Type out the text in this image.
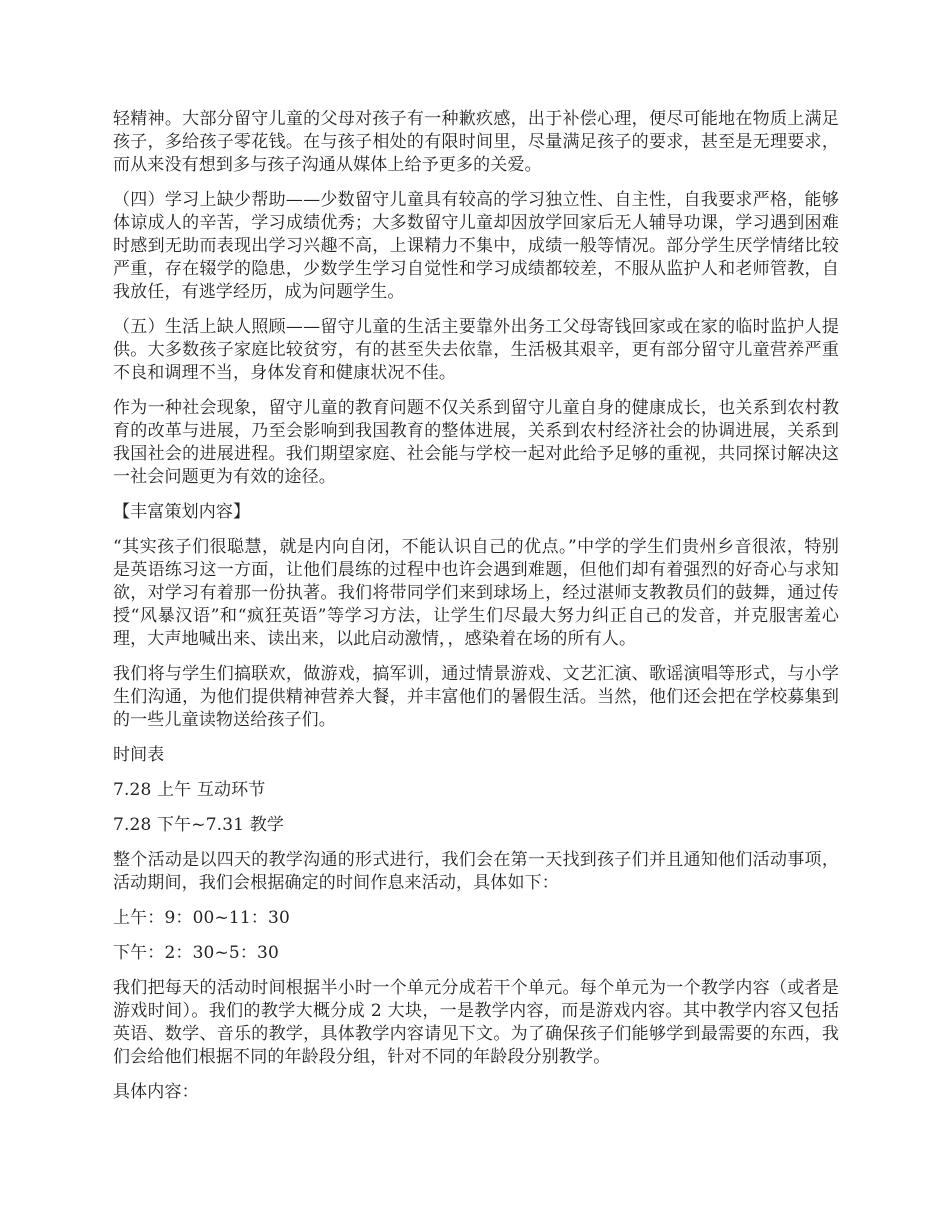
轻精神。大部分留守儿童的父母对孩子有一种歉疚感，出于补偿心理，便尽可能地在物质上满足孩子，多给孩子零花钱。在与孩子相处的有限时间里，尽量满足孩子的要求，甚至是无理要求，而从来没有想到多与孩子沟通从媒体上给予更多的关爱。

（四）学习上缺少帮助——少数留守儿童具有较高的学习独立性、自主性，自我要求严格，能够体谅成人的辛苦，学习成绩优秀；大多数留守儿童却因放学回家后无人辅导功课，学习遇到困难时感到无助而表现出学习兴趣不高，上课精力不集中，成绩一般等情况。部分学生厌学情绪比较严重，存在辍学的隐患，少数学生学习自觉性和学习成绩都较差，不服从监护人和老师管教，自我放任，有逃学经历，成为问题学生。

（五）生活上缺人照顾——留守儿童的生活主要靠外出务工父母寄钱回家或在家的临时监护人提供。大多数孩子家庭比较贫穷，有的甚至失去依靠，生活极其艰辛，更有部分留守儿童营养严重不良和调理不当，身体发育和健康状况不佳。

作为一种社会现象，留守儿童的教育问题不仅关系到留守儿童自身的健康成长，也关系到农村教育的改革与进展，乃至会影响到我国教育的整体进展，关系到农村经济社会的协调进展，关系到我国社会的进展进程。我们期望家庭、社会能与学校一起对此给予足够的重视，共同探讨解决这一社会问题更为有效的途径。

【丰富策划内容】

“其实孩子们很聪慧，就是内向自闭，不能认识自己的优点。”中学的学生们贵州乡音很浓，特别是英语练习这一方面，让他们晨练的过程中也许会遇到难题，但他们却有着强烈的好奇心与求知欲，对学习有着那一份执著。我们将带同学们来到球场上，经过湛师支教教员们的鼓舞，通过传授“风暴汉语”和“疯狂英语”等学习方法，让学生们尽最大努力纠正自己的发音，并克服害羞心理，大声地喊出来、读出来，以此启动激情，，感染着在场的所有人。

我们将与学生们搞联欢，做游戏，搞军训，通过情景游戏、文艺汇演、歌谣演唱等形式，与小学生们沟通，为他们提供精神营养大餐，并丰富他们的暑假生活。当然，他们还会把在学校募集到的一些儿童读物送给孩子们。

时间表

7.28 上午 互动环节

7.28 下午~7.31 教学

整个活动是以四天的教学沟通的形式进行，我们会在第一天找到孩子们并且通知他们活动事项，活动期间，我们会根据确定的时间作息来活动，具体如下：

上午：9：00~11：30

下午：2：30~5：30

我们把每天的活动时间根据半小时一个单元分成若干个单元。每个单元为一个教学内容（或者是游戏时间）。我们的教学大概分成 2 大块，一是教学内容，而是游戏内容。其中教学内容又包括英语、数学、音乐的教学，具体教学内容请见下文。为了确保孩子们能够学到最需要的东西，我们会给他们根据不同的年龄段分组，针对不同的年龄段分别教学。

具体内容：
